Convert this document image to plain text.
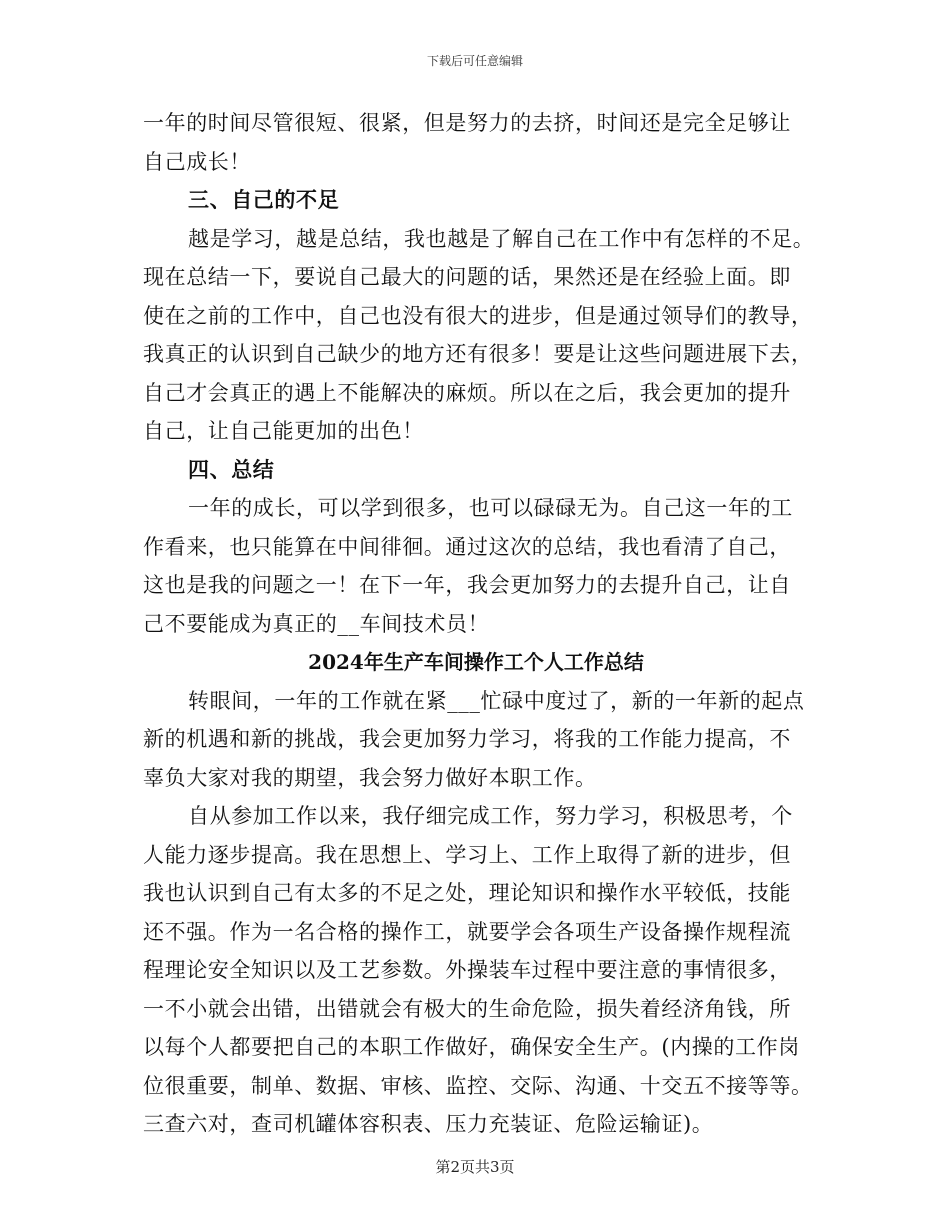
下载后可任意编辑
一年的时间尽管很短、很紧，但是努力的去挤，时间还是完全足够让
自己成长！
三、自己的不足
越是学习，越是总结，我也越是了解自己在工作中有怎样的不足。
现在总结一下，要说自己最大的问题的话，果然还是在经验上面。即
使在之前的工作中，自己也没有很大的进步，但是通过领导们的教导，
我真正的认识到自己缺少的地方还有很多！要是让这些问题进展下去，
自己才会真正的遇上不能解决的麻烦。所以在之后，我会更加的提升
自己，让自己能更加的出色！
四、总结
一年的成长，可以学到很多，也可以碌碌无为。自己这一年的工
作看来，也只能算在中间徘徊。通过这次的总结，我也看清了自己，
这也是我的问题之一！在下一年，我会更加努力的去提升自己，让自
己不要能成为真正的__车间技术员！
2024年生产车间操作工个人工作总结
转眼间，一年的工作就在紧___忙碌中度过了，新的一年新的起点
新的机遇和新的挑战，我会更加努力学习，将我的工作能力提高，不
辜负大家对我的期望，我会努力做好本职工作。
自从参加工作以来，我仔细完成工作，努力学习，积极思考，个
人能力逐步提高。我在思想上、学习上、工作上取得了新的进步，但
我也认识到自己有太多的不足之处，理论知识和操作水平较低，技能
还不强。作为一名合格的操作工，就要学会各项生产设备操作规程流
程理论安全知识以及工艺参数。外操装车过程中要注意的事情很多，
一不小就会出错，出错就会有极大的生命危险，损失着经济角钱，所
以每个人都要把自己的本职工作做好，确保安全生产。(内操的工作岗
位很重要，制单、数据、审核、监控、交际、沟通、十交五不接等等。
三查六对，查司机罐体容积表、压力充装证、危险运输证)。
第2页共3页
